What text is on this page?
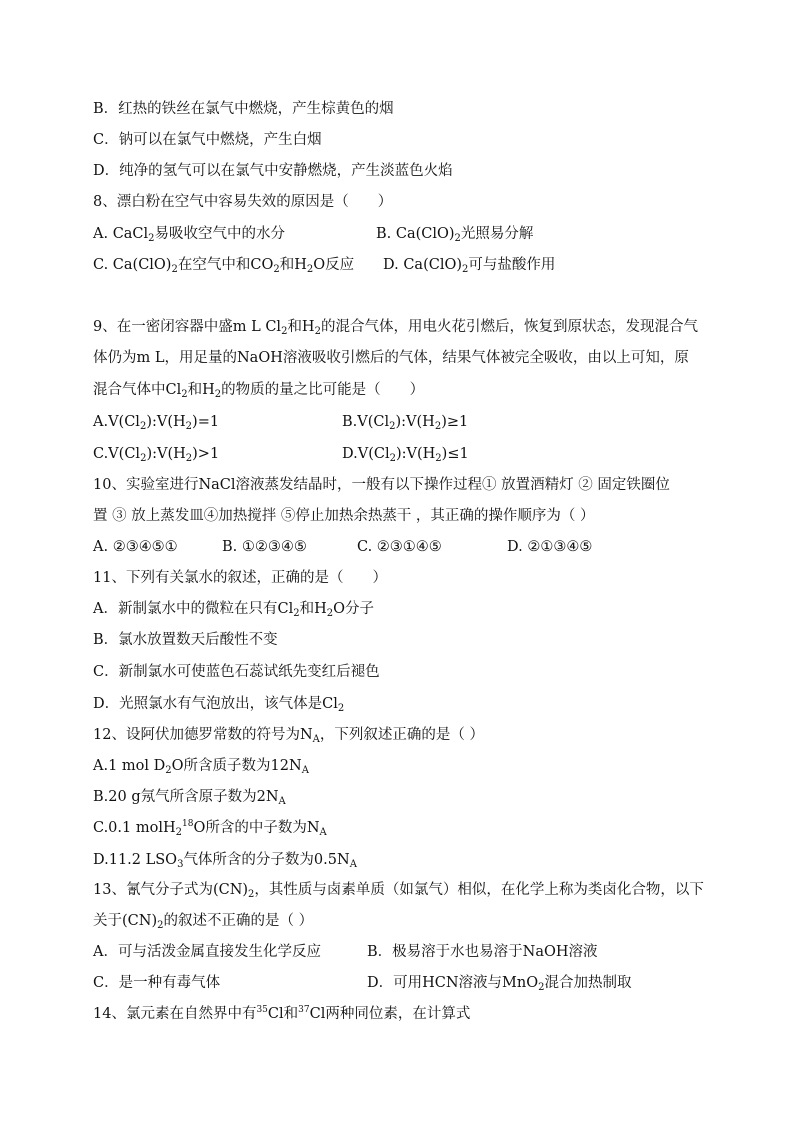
B．红热的铁丝在氯气中燃烧，产生棕黄色的烟
C．钠可以在氯气中燃烧，产生白烟
D．纯净的氢气可以在氯气中安静燃烧，产生淡蓝色火焰
8、漂白粉在空气中容易失效的原因是（　　）
A. CaCl$_2$易吸收空气中的水分	B. $Ca(ClO)_2$光照易分解
C. $Ca(ClO)_2$在空气中和$CO_2$和$H_2O$反应 D. $Ca(ClO)_2$可与盐酸作用
9、在一密闭容器中盛m L $Cl_2$和$H_2$的混合气体，用电火花引燃后，恢复到原状态，发现混合气
体仍为m L，用足量的NaOH溶液吸收引燃后的气体，结果气体被完全吸收，由以上可知，原
混合气体中$Cl_2$和$H_2$的物质的量之比可能是（　　）
$A.V(Cl_2):V(H_2)=1$	$B.V(Cl_2):V(H_2)\ge 1$
$C.V(Cl_2):V(H_2)>1$	$D.V(Cl_2):V(H_2)\le 1$
10、实验室进行NaCl溶液蒸发结晶时，一般有以下操作过程① 放置酒精灯 ② 固定铁圈位
置 ③ 放上蒸发皿④加热搅拌 ⑤停止加热余热蒸干 ，其正确的操作顺序为（ ）
A. ②③④⑤①	B. ①②③④⑤	C. ②③①④⑤	D. ②①③④⑤
11、下列有关氯水的叙述，正确的是（　　）
A．新制氯水中的微粒在只有$Cl_2$和$H_2O$分子
B．氯水放置数天后酸性不变
C．新制氯水可使蓝色石蕊试纸先变红后褪色
D．光照氯水有气泡放出，该气体是$Cl_2$
12、设阿伏加德罗常数的符号为$N_A$，下列叙述正确的是（ ）
A.1 mol $D_2O$所含质子数为$12N_A$
B.20 g氖气所含原子数为$2N_A$
C.0.1 molH$_2^{18}$O所含的中子数为$N_A$
D.11.2 $LSO_3$气体所含的分子数为$0.5N_A$
13、氰气分子式为$(CN)_2$，其性质与卤素单质（如氯气）相似，在化学上称为类卤化合物，以下
关于$(CN)_2$的叙述不正确的是（ ）
A．可与活泼金属直接发生化学反应	B．极易溶于水也易溶于NaOH溶液
C．是一种有毒气体	D．可用HCN溶液与MnO$_2$混合加热制取
14、氯元素在自然界中有$^{35}$Cl和$^{37}$Cl两种同位素，在计算式
